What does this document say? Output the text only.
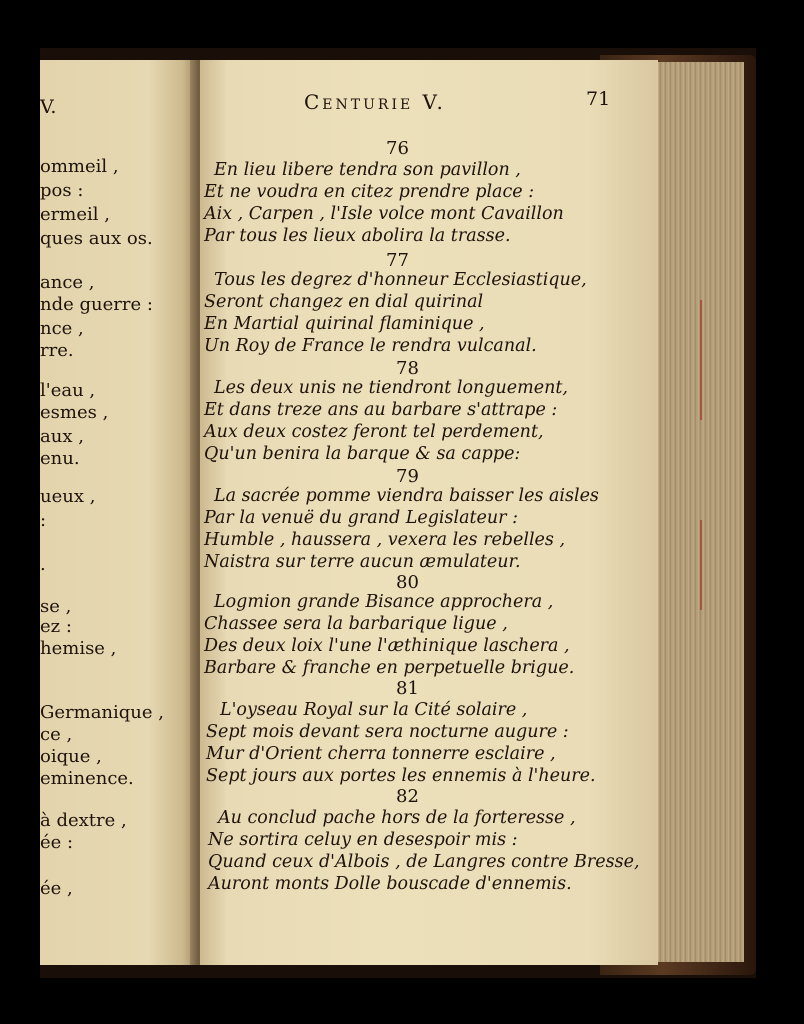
V.
ommeil ,
pos :
ermeil ,
ques aux os.
ance ,
nde guerre :
nce ,
rre.
l'eau ,
esmes ,
aux ,
enu.
ueux ,
:
.
se ,
ez :
hemise ,
Germanique ,
ce ,
oique ,
eminence.
à dextre ,
ée :
ée ,
Centurie V.	71
76
En lieu libere tendra son pavillon ,
Et ne voudra en citez prendre place :
Aix , Carpen , l'Isle volce mont Cavaillon
Par tous les lieux abolira la trasse.
77
Tous les degrez d'honneur Ecclesiastique,
Seront changez en dial quirinal
En Martial quirinal flaminique ,
Un Roy de France le rendra vulcanal.
78
Les deux unis ne tiendront longuement,
Et dans treze ans au barbare s'attrape :
Aux deux costez feront tel perdement,
Qu'un benira la barque & sa cappe:
79
La sacrée pomme viendra baisser les aisles
Par la venuë du grand Legislateur :
Humble , haussera , vexera les rebelles ,
Naistra sur terre aucun æmulateur.
80
Logmion grande Bisance approchera ,
Chassee sera la barbarique ligue ,
Des deux loix l'une l'æthinique laschera ,
Barbare & franche en perpetuelle brigue.
81
L'oyseau Royal sur la Cité solaire ,
Sept mois devant sera nocturne augure :
Mur d'Orient cherra tonnerre esclaire ,
Sept jours aux portes les ennemis à l'heure.
82
Au conclud pache hors de la forteresse ,
Ne sortira celuy en desespoir mis :
Quand ceux d'Albois , de Langres contre Bresse,
Auront monts Dolle bouscade d'ennemis.
